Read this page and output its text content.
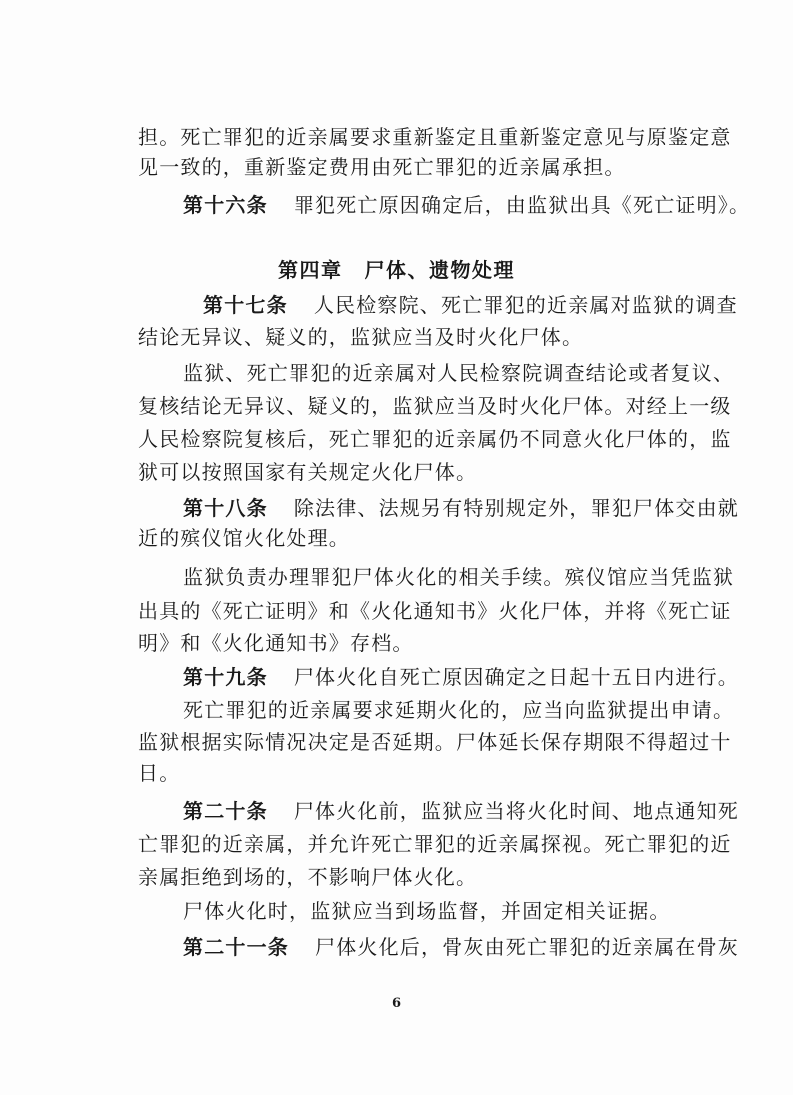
担。死亡罪犯的近亲属要求重新鉴定且重新鉴定意见与原鉴定意
见一致的，重新鉴定费用由死亡罪犯的近亲属承担。
第十六条 罪犯死亡原因确定后，由监狱出具《死亡证明》。
第四章 尸体、遗物处理
第十七条 人民检察院、死亡罪犯的近亲属对监狱的调查
结论无异议、疑义的，监狱应当及时火化尸体。
监狱、死亡罪犯的近亲属对人民检察院调查结论或者复议、
复核结论无异议、疑义的，监狱应当及时火化尸体。对经上一级
人民检察院复核后，死亡罪犯的近亲属仍不同意火化尸体的，监
狱可以按照国家有关规定火化尸体。
第十八条 除法律、法规另有特别规定外，罪犯尸体交由就
近的殡仪馆火化处理。
监狱负责办理罪犯尸体火化的相关手续。殡仪馆应当凭监狱
出具的《死亡证明》和《火化通知书》火化尸体，并将《死亡证
明》和《火化通知书》存档。
第十九条 尸体火化自死亡原因确定之日起十五日内进行。
死亡罪犯的近亲属要求延期火化的，应当向监狱提出申请。
监狱根据实际情况决定是否延期。尸体延长保存期限不得超过十
日。
第二十条 尸体火化前，监狱应当将火化时间、地点通知死
亡罪犯的近亲属，并允许死亡罪犯的近亲属探视。死亡罪犯的近
亲属拒绝到场的，不影响尸体火化。
尸体火化时，监狱应当到场监督，并固定相关证据。
第二十一条 尸体火化后，骨灰由死亡罪犯的近亲属在骨灰
6
